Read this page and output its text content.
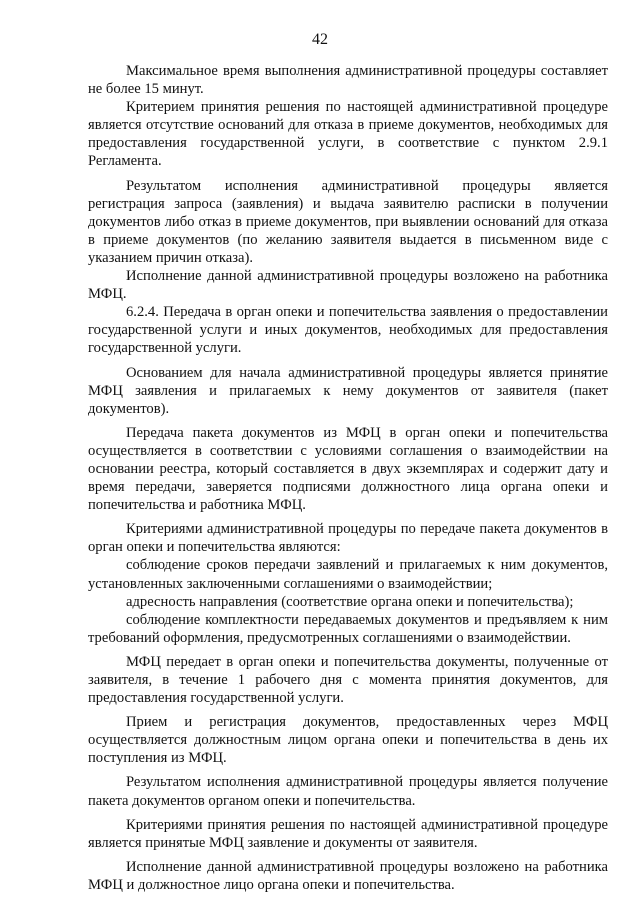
42

Максимальное время выполнения административной процедуры составляет не более 15 минут.

Критерием принятия решения по настоящей административной процедуре является отсутствие оснований для отказа в приеме документов, необходимых для предоставления государственной услуги, в соответствие с пунктом 2.9.1 Регламента.

Результатом исполнения административной процедуры является регистрация запроса (заявления) и выдача заявителю расписки в получении документов либо отказ в приеме документов, при выявлении оснований для отказа в приеме документов (по желанию заявителя выдается в письменном виде с указанием причин отказа).

Исполнение данной административной процедуры возложено на работника МФЦ.

6.2.4. Передача в орган опеки и попечительства заявления о предоставлении государственной услуги и иных документов, необходимых для предоставления государственной услуги.

Основанием для начала административной процедуры является принятие МФЦ заявления и прилагаемых к нему документов от заявителя (пакет документов).

Передача пакета документов из МФЦ в орган опеки и попечительства осуществляется в соответствии с условиями соглашения о взаимодействии на основании реестра, который составляется в двух экземплярах и содержит дату и время передачи, заверяется подписями должностного лица органа опеки и попечительства и работника МФЦ.

Критериями административной процедуры по передаче пакета документов в орган опеки и попечительства являются:

соблюдение сроков передачи заявлений и прилагаемых к ним документов, установленных заключенными соглашениями о взаимодействии;

адресность направления (соответствие органа опеки и попечительства);

соблюдение комплектности передаваемых документов и предъявляем к ним требований оформления, предусмотренных соглашениями о взаимодействии.

МФЦ передает в орган опеки и попечительства документы, полученные от заявителя, в течение 1 рабочего дня с момента принятия документов, для предоставления государственной услуги.

Прием и регистрация документов, предоставленных через МФЦ осуществляется должностным лицом органа опеки и попечительства в день их поступления из МФЦ.

Результатом исполнения административной процедуры является получение пакета документов органом опеки и попечительства.

Критериями принятия решения по настоящей административной процедуре является принятые МФЦ заявление и документы от заявителя.

Исполнение данной административной процедуры возложено на работника МФЦ и должностное лицо органа опеки и попечительства.
